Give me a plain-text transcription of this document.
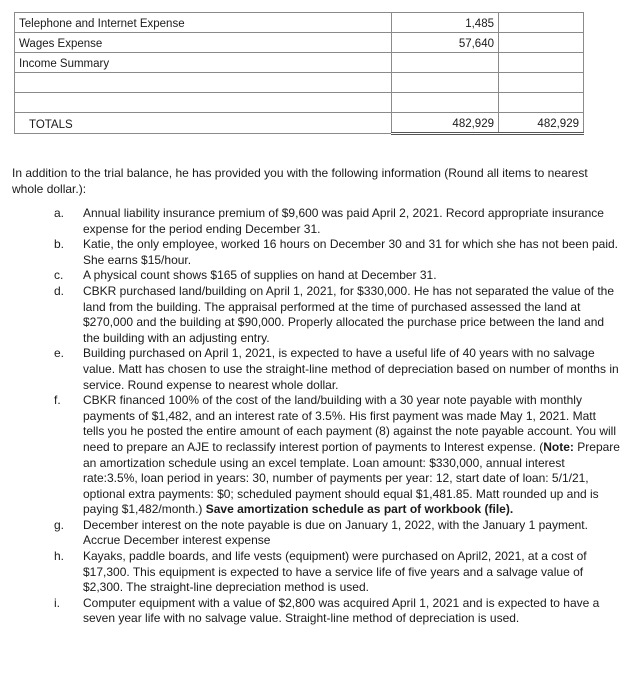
Telephone and Internet Expense	1,485	
Wages Expense	57,640	
Income Summary		

TOTALS	482,929	482,929

In addition to the trial balance, he has provided you with the following information (Round all items to nearest whole dollar.):

a.	Annual liability insurance premium of $9,600 was paid April 2, 2021. Record appropriate insurance expense for the period ending December 31.
b.	Katie, the only employee, worked 16 hours on December 30 and 31 for which she has not been paid. She earns $15/hour.
c.	A physical count shows $165 of supplies on hand at December 31.
d.	CBKR purchased land/building on April 1, 2021, for $330,000. He has not separated the value of the land from the building. The appraisal performed at the time of purchased assessed the land at $270,000 and the building at $90,000. Properly allocated the purchase price between the land and the building with an adjusting entry.
e.	Building purchased on April 1, 2021, is expected to have a useful life of 40 years with no salvage value. Matt has chosen to use the straight-line method of depreciation based on number of months in service. Round expense to nearest whole dollar.
f.	CBKR financed 100% of the cost of the land/building with a 30 year note payable with monthly payments of $1,482, and an interest rate of 3.5%. His first payment was made May 1, 2021. Matt tells you he posted the entire amount of each payment (8) against the note payable account. You will need to prepare an AJE to reclassify interest portion of payments to Interest expense. (Note: Prepare an amortization schedule using an excel template. Loan amount: $330,000, annual interest rate:3.5%, loan period in years: 30, number of payments per year: 12, start date of loan: 5/1/21, optional extra payments: $0; scheduled payment should equal $1,481.85. Matt rounded up and is paying $1,482/month.) Save amortization schedule as part of workbook (file).
g.	December interest on the note payable is due on January 1, 2022, with the January 1 payment. Accrue December interest expense
h.	Kayaks, paddle boards, and life vests (equipment) were purchased on April2, 2021, at a cost of $17,300. This equipment is expected to have a service life of five years and a salvage value of $2,300. The straight-line depreciation method is used.
i.	Computer equipment with a value of $2,800 was acquired April 1, 2021 and is expected to have a seven year life with no salvage value. Straight-line method of depreciation is used.
